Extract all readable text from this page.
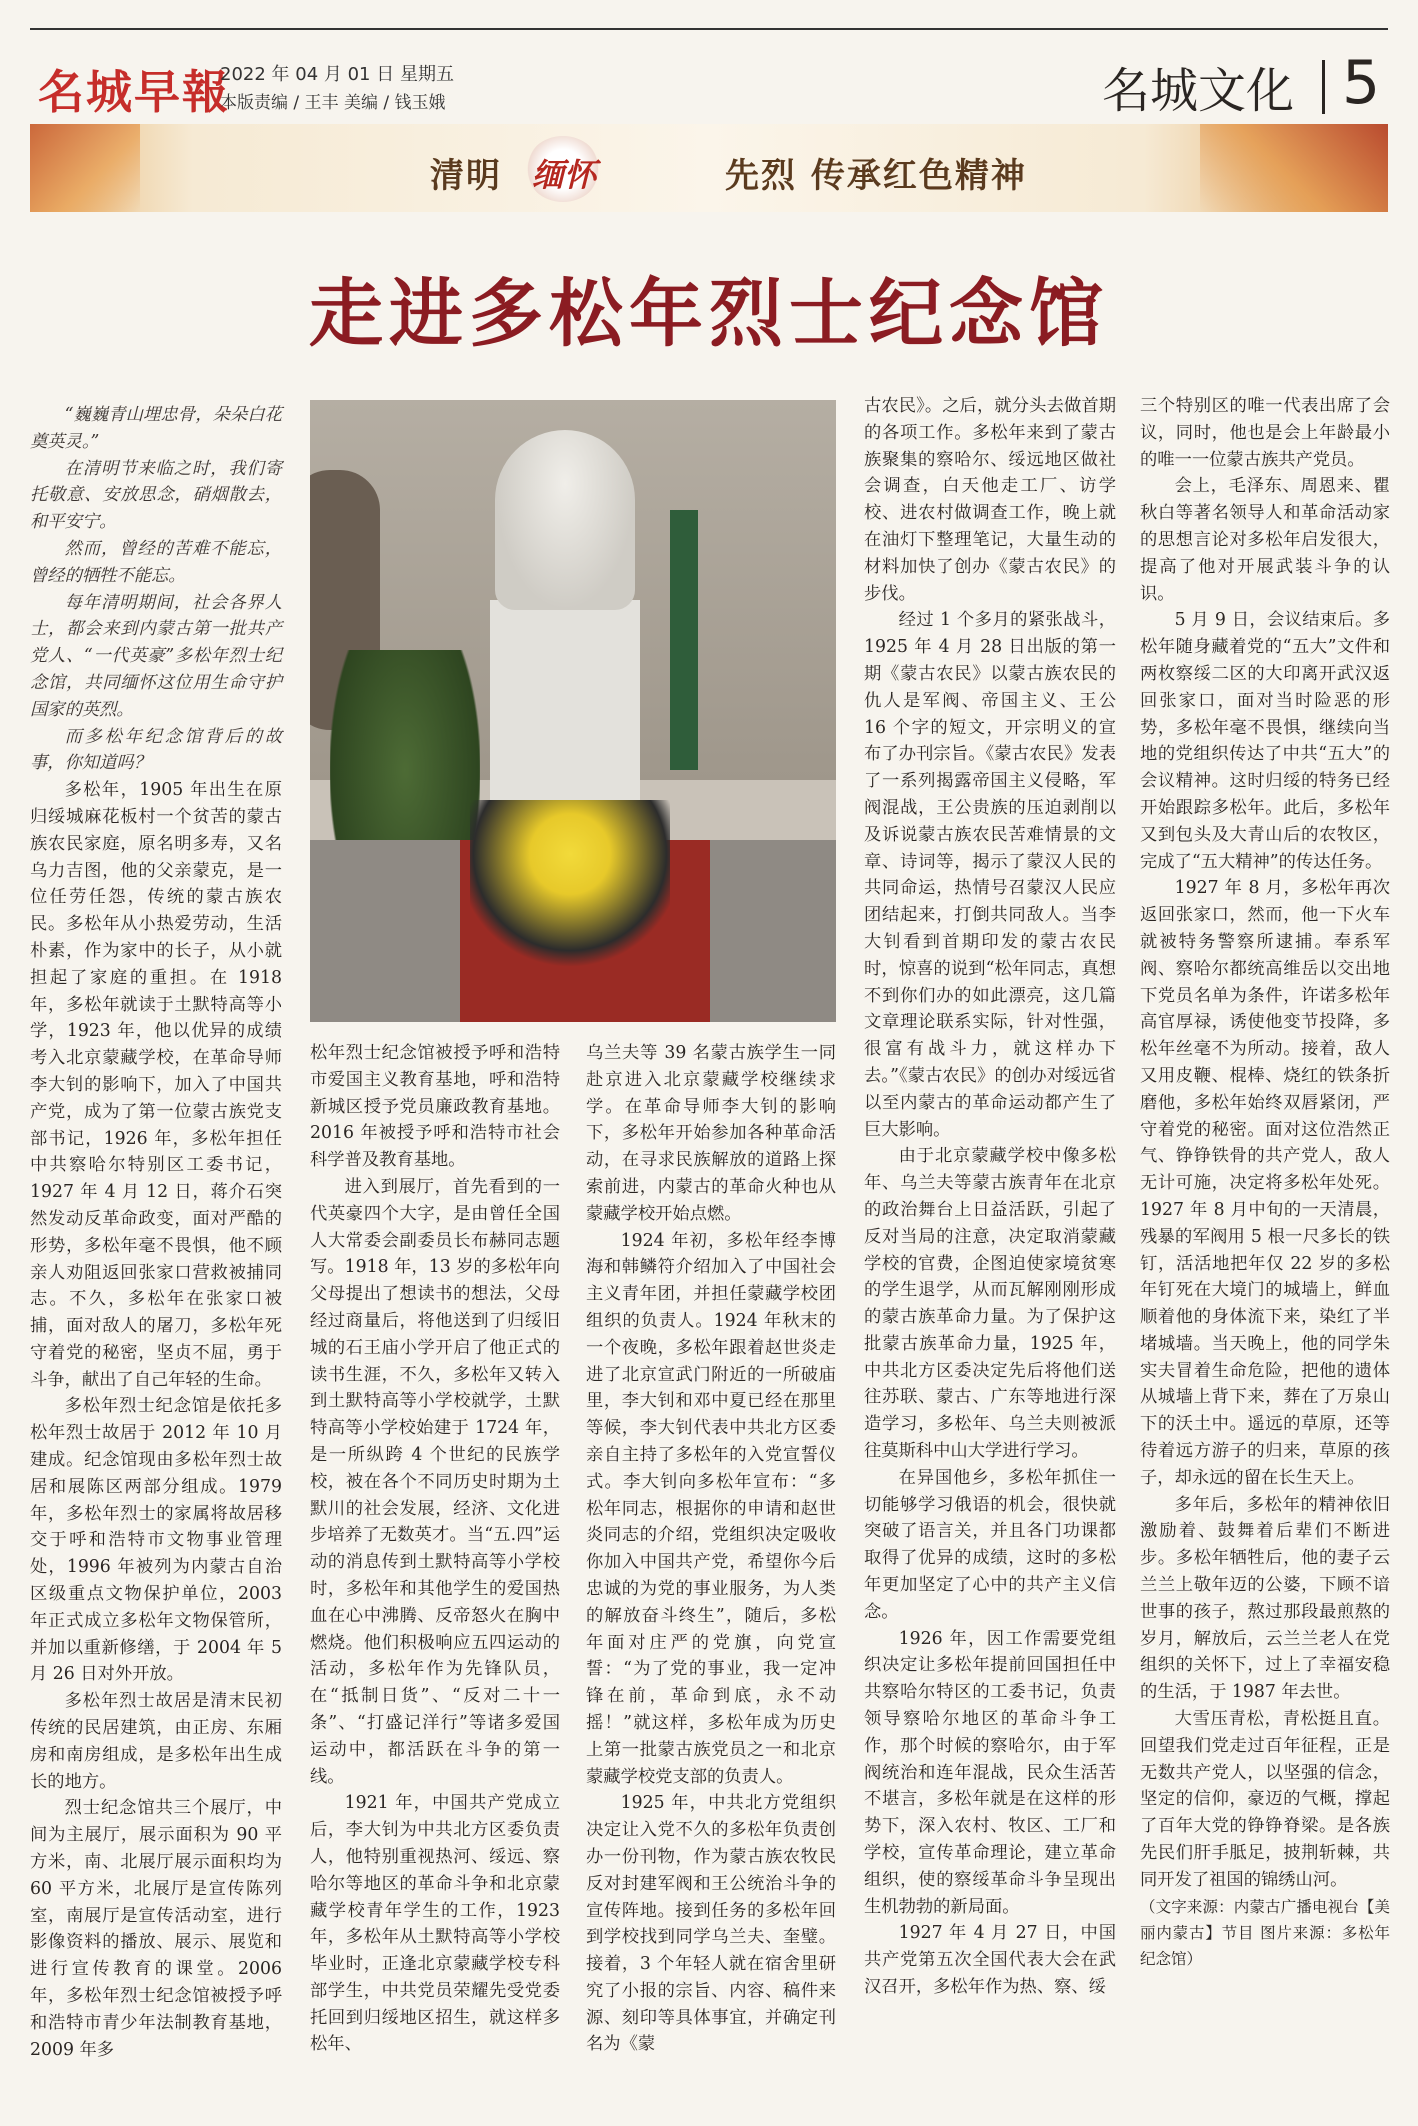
名城早報
2022 年 04 月 01 日 星期五
本版责编 / 王丰 美编 / 钱玉娥	名城文化 5
清明 缅怀	先烈 传承红色精神
走进多松年烈士纪念馆

“巍巍青山埋忠骨，朵朵白花奠英灵。”

在清明节来临之时，我们寄托敬意、安放思念，硝烟散去，和平安宁。

然而，曾经的苦难不能忘，曾经的牺牲不能忘。

每年清明期间，社会各界人士，都会来到内蒙古第一批共产党人、“一代英豪”多松年烈士纪念馆，共同缅怀这位用生命守护国家的英烈。

而多松年纪念馆背后的故事，你知道吗？

多松年，1905 年出生在原归绥城麻花板村一个贫苦的蒙古族农民家庭，原名明多寿，又名乌力吉图，他的父亲蒙克，是一位任劳任怨，传统的蒙古族农民。多松年从小热爱劳动，生活朴素，作为家中的长子，从小就担起了家庭的重担。在 1918 年，多松年就读于土默特高等小学，1923 年，他以优异的成绩考入北京蒙藏学校，在革命导师李大钊的影响下，加入了中国共产党，成为了第一位蒙古族党支部书记，1926 年，多松年担任中共察哈尔特别区工委书记，1927 年 4 月 12 日，蒋介石突然发动反革命政变，面对严酷的形势，多松年毫不畏惧，他不顾亲人劝阻返回张家口营救被捕同志。不久，多松年在张家口被捕，面对敌人的屠刀，多松年死守着党的秘密，坚贞不屈，勇于斗争，献出了自己年轻的生命。

多松年烈士纪念馆是依托多松年烈士故居于 2012 年 10 月建成。纪念馆现由多松年烈士故居和展陈区两部分组成。1979 年，多松年烈士的家属将故居移交于呼和浩特市文物事业管理处，1996 年被列为内蒙古自治区级重点文物保护单位，2003 年正式成立多松年文物保管所，并加以重新修缮，于 2004 年 5 月 26 日对外开放。

多松年烈士故居是清末民初传统的民居建筑，由正房、东厢房和南房组成，是多松年出生成长的地方。

烈士纪念馆共三个展厅，中间为主展厅，展示面积为 90 平方米，南、北展厅展示面积均为 60 平方米，北展厅是宣传陈列室，南展厅是宣传活动室，进行影像资料的播放、展示、展览和进行宣传教育的课堂。2006 年，多松年烈士纪念馆被授予呼和浩特市青少年法制教育基地，2009 年多

松年烈士纪念馆被授予呼和浩特市爱国主义教育基地，呼和浩特新城区授予党员廉政教育基地。2016 年被授予呼和浩特市社会科学普及教育基地。

进入到展厅，首先看到的一代英豪四个大字，是由曾任全国人大常委会副委员长布赫同志题写。1918 年，13 岁的多松年向父母提出了想读书的想法，父母经过商量后，将他送到了归绥旧城的石王庙小学开启了他正式的读书生涯，不久，多松年又转入到土默特高等小学校就学，土默特高等小学校始建于 1724 年，是一所纵跨 4 个世纪的民族学校，被在各个不同历史时期为土默川的社会发展，经济、文化进步培养了无数英才。当“五.四”运动的消息传到土默特高等小学校时，多松年和其他学生的爱国热血在心中沸腾、反帝怒火在胸中燃烧。他们积极响应五四运动的活动，多松年作为先锋队员，在“抵制日货”、“反对二十一条”、“打盛记洋行”等诸多爱国运动中，都活跃在斗争的第一线。

1921 年，中国共产党成立后，李大钊为中共北方区委负责人，他特别重视热河、绥远、察哈尔等地区的革命斗争和北京蒙藏学校青年学生的工作，1923 年，多松年从土默特高等小学校毕业时，正逢北京蒙藏学校专科部学生，中共党员荣耀先受党委托回到归绥地区招生，就这样多松年、

乌兰夫等 39 名蒙古族学生一同赴京进入北京蒙藏学校继续求学。在革命导师李大钊的影响下，多松年开始参加各种革命活动，在寻求民族解放的道路上探索前进，内蒙古的革命火种也从蒙藏学校开始点燃。

1924 年初，多松年经李博海和韩鳞符介绍加入了中国社会主义青年团，并担任蒙藏学校团组织的负责人。1924 年秋末的一个夜晚，多松年跟着赵世炎走进了北京宣武门附近的一所破庙里，李大钊和邓中夏已经在那里等候，李大钊代表中共北方区委亲自主持了多松年的入党宣誓仪式。李大钊向多松年宣布：“多松年同志，根据你的申请和赵世炎同志的介绍，党组织决定吸收你加入中国共产党，希望你今后忠诚的为党的事业服务，为人类的解放奋斗终生”，随后，多松年面对庄严的党旗，向党宣誓：“为了党的事业，我一定冲锋在前，革命到底，永不动摇！”就这样，多松年成为历史上第一批蒙古族党员之一和北京蒙藏学校党支部的负责人。

1925 年，中共北方党组织决定让入党不久的多松年负责创办一份刊物，作为蒙古族农牧民反对封建军阀和王公统治斗争的宣传阵地。接到任务的多松年回到学校找到同学乌兰夫、奎璧。接着，3 个年轻人就在宿舍里研究了小报的宗旨、内容、稿件来源、刻印等具体事宜，并确定刊名为《蒙

古农民》。之后，就分头去做首期的各项工作。多松年来到了蒙古族聚集的察哈尔、绥远地区做社会调查，白天他走工厂、访学校、进农村做调查工作，晚上就在油灯下整理笔记，大量生动的材料加快了创办《蒙古农民》的步伐。

经过 1 个多月的紧张战斗，1925 年 4 月 28 日出版的第一期《蒙古农民》以蒙古族农民的仇人是军阀、帝国主义、王公 16 个字的短文，开宗明义的宣布了办刊宗旨。《蒙古农民》发表了一系列揭露帝国主义侵略，军阀混战，王公贵族的压迫剥削以及诉说蒙古族农民苦难情景的文章、诗词等，揭示了蒙汉人民的共同命运，热情号召蒙汉人民应团结起来，打倒共同敌人。当李大钊看到首期印发的蒙古农民时，惊喜的说到“松年同志，真想不到你们办的如此漂亮，这几篇文章理论联系实际，针对性强，很富有战斗力，就这样办下去。”《蒙古农民》的创办对绥远省以至内蒙古的革命运动都产生了巨大影响。

由于北京蒙藏学校中像多松年、乌兰夫等蒙古族青年在北京的政治舞台上日益活跃，引起了反对当局的注意，决定取消蒙藏学校的官费，企图迫使家境贫寒的学生退学，从而瓦解刚刚形成的蒙古族革命力量。为了保护这批蒙古族革命力量，1925 年，中共北方区委决定先后将他们送往苏联、蒙古、广东等地进行深造学习，多松年、乌兰夫则被派往莫斯科中山大学进行学习。

在异国他乡，多松年抓住一切能够学习俄语的机会，很快就突破了语言关，并且各门功课都取得了优异的成绩，这时的多松年更加坚定了心中的共产主义信念。

1926 年，因工作需要党组织决定让多松年提前回国担任中共察哈尔特区的工委书记，负责领导察哈尔地区的革命斗争工作，那个时候的察哈尔，由于军阀统治和连年混战，民众生活苦不堪言，多松年就是在这样的形势下，深入农村、牧区、工厂和学校，宣传革命理论，建立革命组织，使的察绥革命斗争呈现出生机勃勃的新局面。

1927 年 4 月 27 日，中国共产党第五次全国代表大会在武汉召开，多松年作为热、察、绥

三个特别区的唯一代表出席了会议，同时，他也是会上年龄最小的唯一一位蒙古族共产党员。

会上，毛泽东、周恩来、瞿秋白等著名领导人和革命活动家的思想言论对多松年启发很大，提高了他对开展武装斗争的认识。

5 月 9 日，会议结束后。多松年随身藏着党的“五大”文件和两枚察绥二区的大印离开武汉返回张家口，面对当时险恶的形势，多松年毫不畏惧，继续向当地的党组织传达了中共“五大”的会议精神。这时归绥的特务已经开始跟踪多松年。此后，多松年又到包头及大青山后的农牧区，完成了“五大精神”的传达任务。

1927 年 8 月，多松年再次返回张家口，然而，他一下火车就被特务警察所逮捕。奉系军阀、察哈尔都统高维岳以交出地下党员名单为条件，许诺多松年高官厚禄，诱使他变节投降，多松年丝毫不为所动。接着，敌人又用皮鞭、棍棒、烧红的铁条折磨他，多松年始终双唇紧闭，严守着党的秘密。面对这位浩然正气、铮铮铁骨的共产党人，敌人无计可施，决定将多松年处死。1927 年 8 月中旬的一天清晨，残暴的军阀用 5 根一尺多长的铁钉，活活地把年仅 22 岁的多松年钉死在大境门的城墙上，鲜血顺着他的身体流下来，染红了半堵城墙。当天晚上，他的同学朱实夫冒着生命危险，把他的遗体从城墙上背下来，葬在了万泉山下的沃土中。遥远的草原，还等待着远方游子的归来，草原的孩子，却永远的留在长生天上。

多年后，多松年的精神依旧激励着、鼓舞着后辈们不断进步。多松年牺牲后，他的妻子云兰兰上敬年迈的公婆，下顾不谙世事的孩子，熬过那段最煎熬的岁月，解放后，云兰兰老人在党组织的关怀下，过上了幸福安稳的生活，于 1987 年去世。

大雪压青松，青松挺且直。回望我们党走过百年征程，正是无数共产党人，以坚强的信念，坚定的信仰，豪迈的气概，撑起了百年大党的铮铮脊梁。是各族先民们肝手胝足，披荆斩棘，共同开发了祖国的锦绣山河。

（文字来源：内蒙古广播电视台【美丽内蒙古】节目 图片来源：多松年纪念馆）
